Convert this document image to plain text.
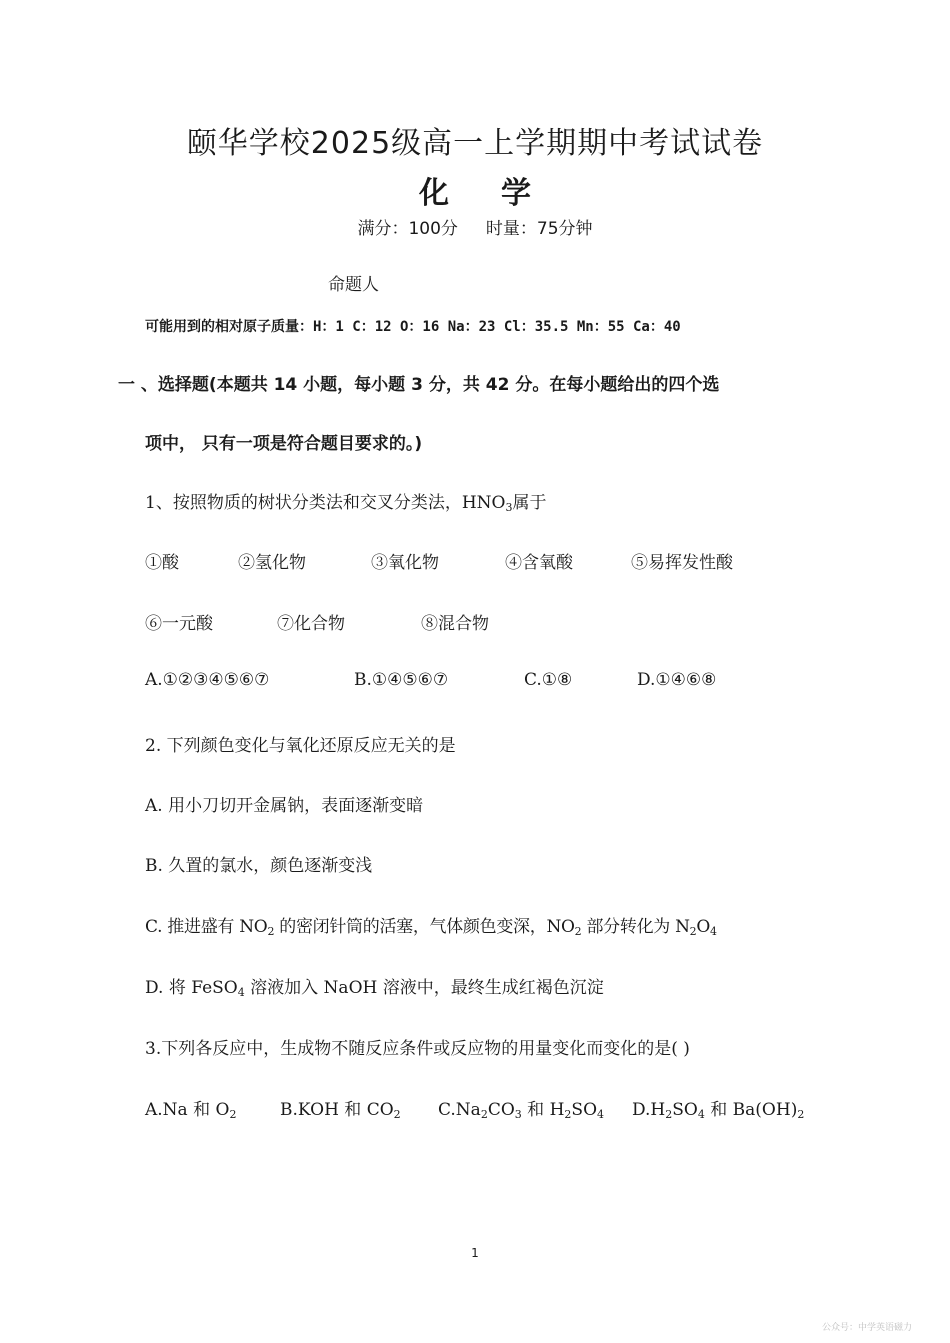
颐华学校2025级高一上学期期中考试试卷
化 学
满分：100分 时量：75分钟
命题人
可能用到的相对原子质量：H：1 C：12 O：16 Na：23 Cl：35.5 Mn：55 Ca：40
一 、选择题(本题共 14 小题，每小题 3 分，共 42 分。在每小题给出的四个选
项中， 只有一项是符合题目要求的。)
1、按照物质的树状分类法和交叉分类法，$HNO_3$属于
①酸	②氢化物	③氧化物	④含氧酸	⑤易挥发性酸
⑥一元酸	⑦化合物	⑧混合物
A.①②③④⑤⑥⑦	B.①④⑤⑥⑦	C.①⑧	D.①④⑥⑧
2. 下列颜色变化与氧化还原反应无关的是
A. 用小刀切开金属钠，表面逐渐变暗
B. 久置的氯水，颜色逐渐变浅
C. 推进盛有 $NO_2$ 的密闭针筒的活塞，气体颜色变深，$NO_2$ 部分转化为 $N_2O_4$
D. 将 FeSO$_4$ 溶液加入 NaOH 溶液中，最终生成红褐色沉淀
3.下列各反应中，生成物不随反应条件或反应物的用量变化而变化的是( )
A.Na 和 $O_2$	B.KOH 和 $CO_2$ $C.Na_2CO_3$ 和 $H_2SO_4$ $D.H_2SO_4$ 和 $Ba(OH)_2$
1
公众号：中学英语磁力
